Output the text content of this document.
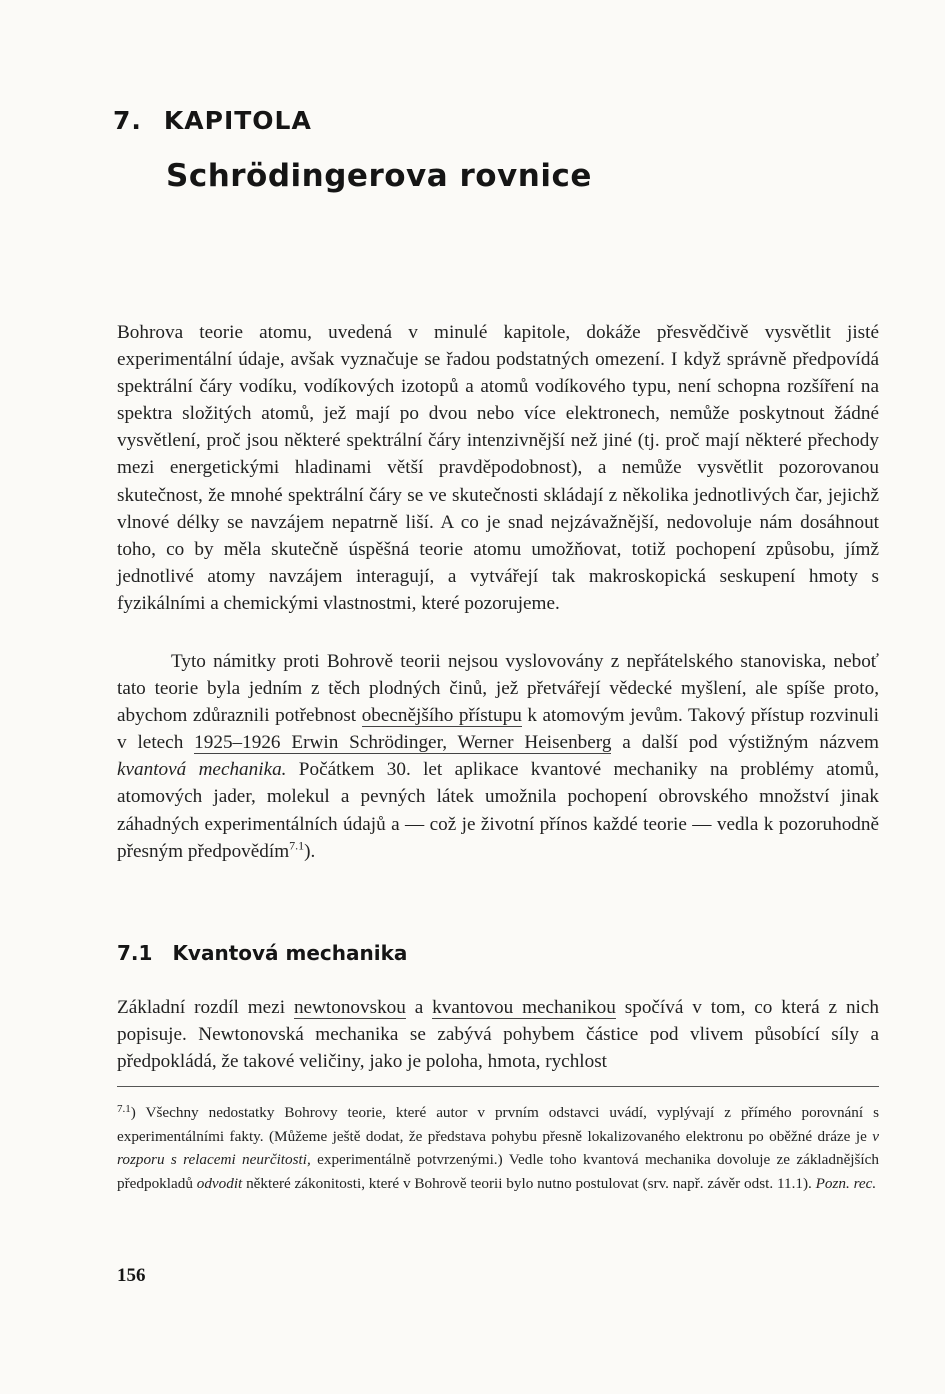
7. KAPITOLA
Schrödingerova rovnice

Bohrova teorie atomu, uvedená v minulé kapitole, dokáže přesvědčivě vysvětlit jisté experimentální údaje, avšak vyznačuje se řadou podstatných omezení. I když správně předpovídá spektrální čáry vodíku, vodíkových izotopů a atomů vodíkového typu, není schopna rozšíření na spektra složitých atomů, jež mají po dvou nebo více elektronech, nemůže poskytnout žádné vysvětlení, proč jsou některé spektrální čáry intenzivnější než jiné (tj. proč mají některé přechody mezi energetickými hladinami větší pravděpodobnost), a nemůže vysvětlit pozorovanou skutečnost, že mnohé spektrální čáry se ve skutečnosti skládají z několika jednotlivých čar, jejichž vlnové délky se navzájem nepatrně liší. A co je snad nejzávažnější, nedovoluje nám dosáhnout toho, co by měla skutečně úspěšná teorie atomu umožňovat, totiž pochopení způsobu, jímž jednotlivé atomy navzájem interagují, a vytvářejí tak makroskopická seskupení hmoty s fyzikálními a chemickými vlastnostmi, které pozorujeme.

Tyto námitky proti Bohrově teorii nejsou vyslovovány z nepřátelského stanoviska, neboť tato teorie byla jedním z těch plodných činů, jež přetvářejí vědecké myšlení, ale spíše proto, abychom zdůraznili potřebnost obecnějšího přístupu k atomovým jevům. Takový přístup rozvinuli v letech 1925–1926 Erwin Schrödinger, Werner Heisenberg a další pod výstižným názvem kvantová mechanika. Počátkem 30. let aplikace kvantové mechaniky na problémy atomů, atomových jader, molekul a pevných látek umožnila pochopení obrovského množství jinak záhadných experimentálních údajů a — což je životní přínos každé teorie — vedla k pozoruhodně přesným předpovědím$^{7.1}$).

7.1 Kvantová mechanika

Základní rozdíl mezi newtonovskou a kvantovou mechanikou spočívá v tom, co která z nich popisuje. Newtonovská mechanika se zabývá pohybem částice pod vlivem působící síly a předpokládá, že takové veličiny, jako je poloha, hmota, rychlost

$^{7.1}$) Všechny nedostatky Bohrovy teorie, které autor v prvním odstavci uvádí, vyplývají z přímého porovnání s experimentálními fakty. (Můžeme ještě dodat, že představa pohybu přesně lokalizovaného elektronu po oběžné dráze je v rozporu s relacemi neurčitosti, experimentálně potvrzenými.) Vedle toho kvantová mechanika dovoluje ze základnějších předpokladů odvodit některé zákonitosti, které v Bohrově teorii bylo nutno postulovat (srv. např. závěr odst. 11.1). Pozn. rec.

156
